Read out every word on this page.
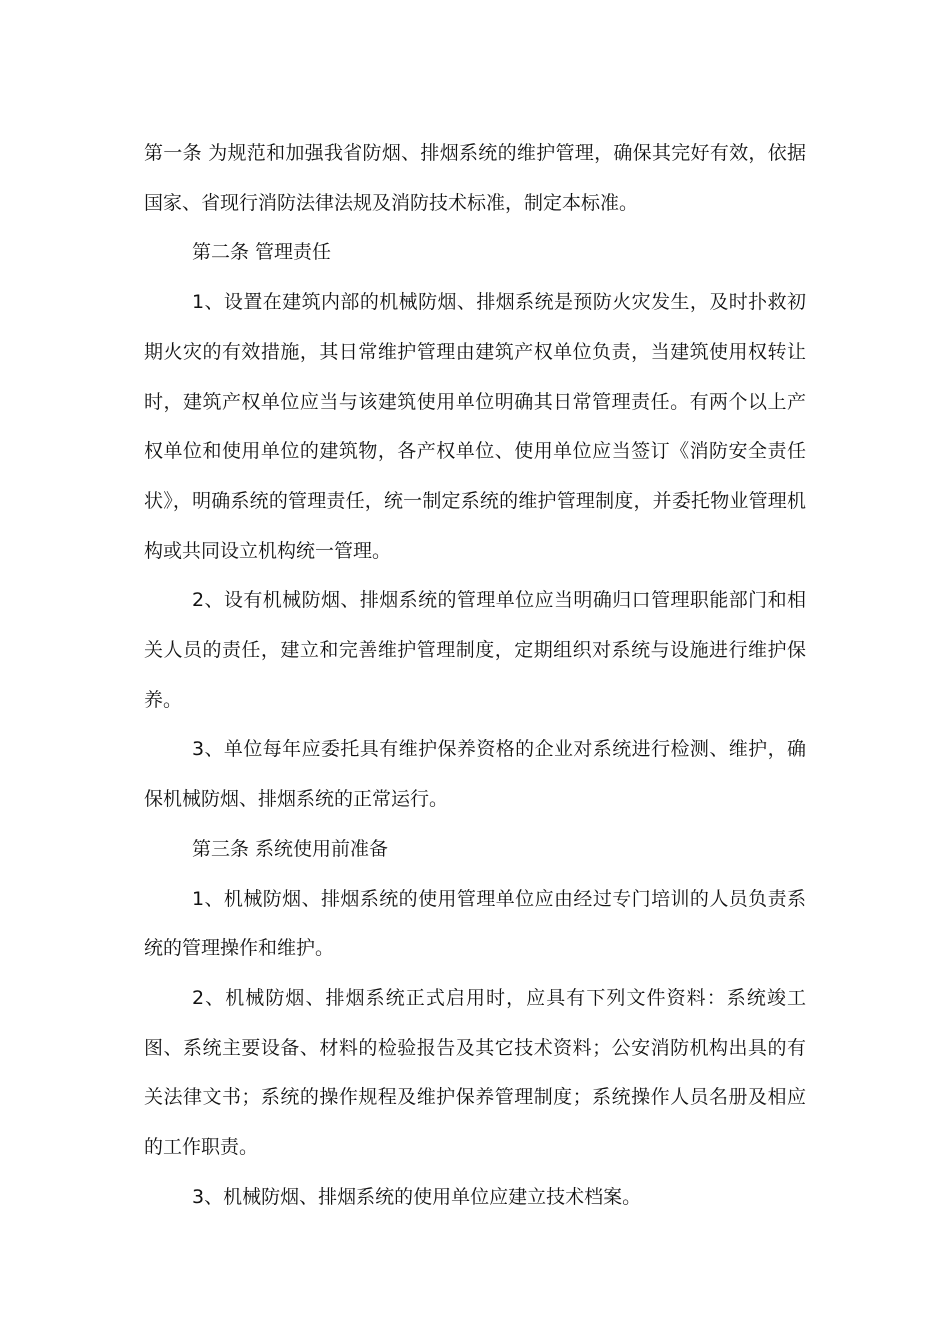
第一条 为规范和加强我省防烟、排烟系统的维护管理，确保其完好有效，依据国家、省现行消防法律法规及消防技术标准，制定本标准。

第二条 管理责任

1、设置在建筑内部的机械防烟、排烟系统是预防火灾发生，及时扑救初期火灾的有效措施，其日常维护管理由建筑产权单位负责，当建筑使用权转让时，建筑产权单位应当与该建筑使用单位明确其日常管理责任。有两个以上产权单位和使用单位的建筑物，各产权单位、使用单位应当签订《消防安全责任状》，明确系统的管理责任，统一制定系统的维护管理制度，并委托物业管理机构或共同设立机构统一管理。

2、设有机械防烟、排烟系统的管理单位应当明确归口管理职能部门和相关人员的责任，建立和完善维护管理制度，定期组织对系统与设施进行维护保养。

3、单位每年应委托具有维护保养资格的企业对系统进行检测、维护，确保机械防烟、排烟系统的正常运行。

第三条 系统使用前准备

1、机械防烟、排烟系统的使用管理单位应由经过专门培训的人员负责系统的管理操作和维护。

2、机械防烟、排烟系统正式启用时，应具有下列文件资料：系统竣工图、系统主要设备、材料的检验报告及其它技术资料；公安消防机构出具的有关法律文书；系统的操作规程及维护保养管理制度；系统操作人员名册及相应的工作职责。

3、机械防烟、排烟系统的使用单位应建立技术档案。
